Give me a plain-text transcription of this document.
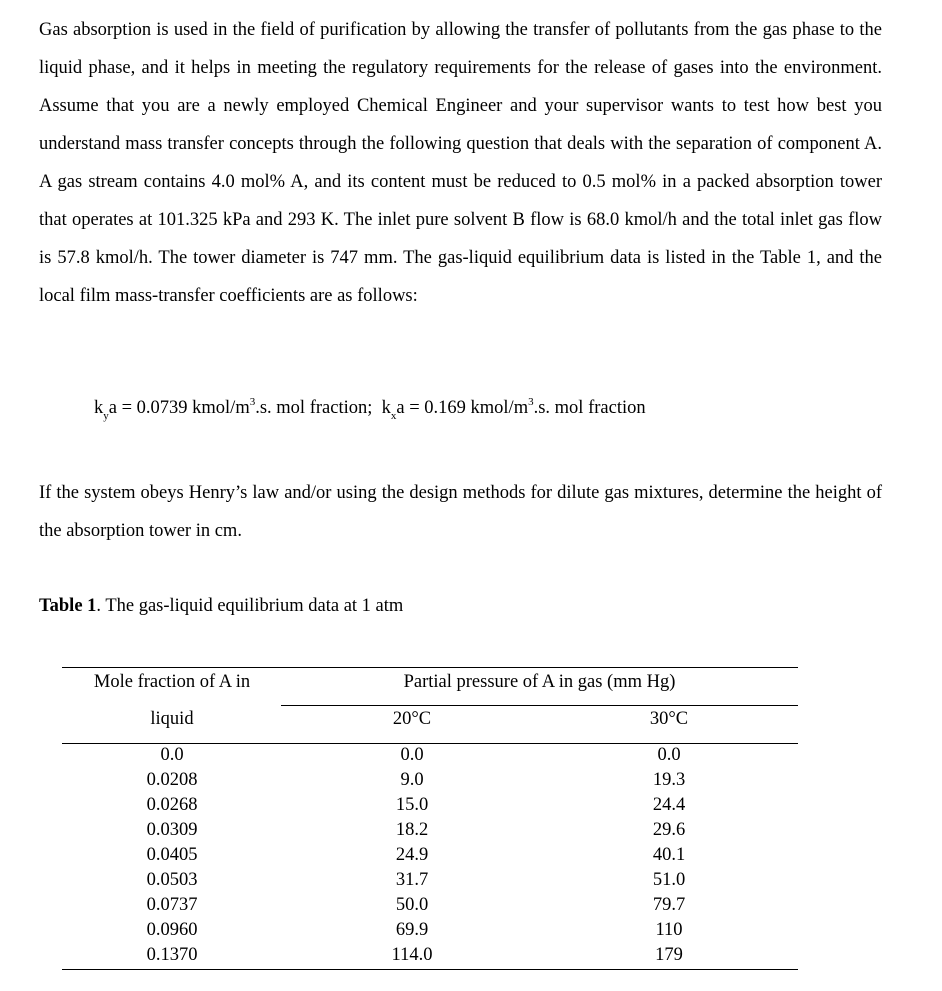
Gas absorption is used in the field of purification by allowing the transfer of pollutants from the gas phase to the liquid phase, and it helps in meeting the regulatory requirements for the release of gases into the environment. Assume that you are a newly employed Chemical Engineer and your supervisor wants to test how best you understand mass transfer concepts through the following question that deals with the separation of component A. A gas stream contains 4.0 mol% A, and its content must be reduced to 0.5 mol% in a packed absorption tower that operates at 101.325 kPa and 293 K. The inlet pure solvent B flow is 68.0 kmol/h and the total inlet gas flow is 57.8 kmol/h. The tower diameter is 747 mm. The gas-liquid equilibrium data is listed in the Table 1, and the local film mass-transfer coefficients are as follows:

$k_ya = 0.0739$ kmol/$m^3.s$. mol fraction; $k_xa = 0.169$ kmol/$m^3.s$. mol fraction

If the system obeys Henry’s law and/or using the design methods for dilute gas mixtures, determine the height of the absorption tower in cm.

Table 1. The gas-liquid equilibrium data at 1 atm
Mole fraction of A in
liquid
Partial pressure of A in gas (mm Hg)
20°C	30°C
0.0
0.0208
0.0268
0.0309
0.0405
0.0503
0.0737
0.0960
0.1370
0.0
9.0
15.0
18.2
24.9
31.7
50.0
69.9
114.0
0.0
19.3
24.4
29.6
40.1
51.0
79.7
110
179
